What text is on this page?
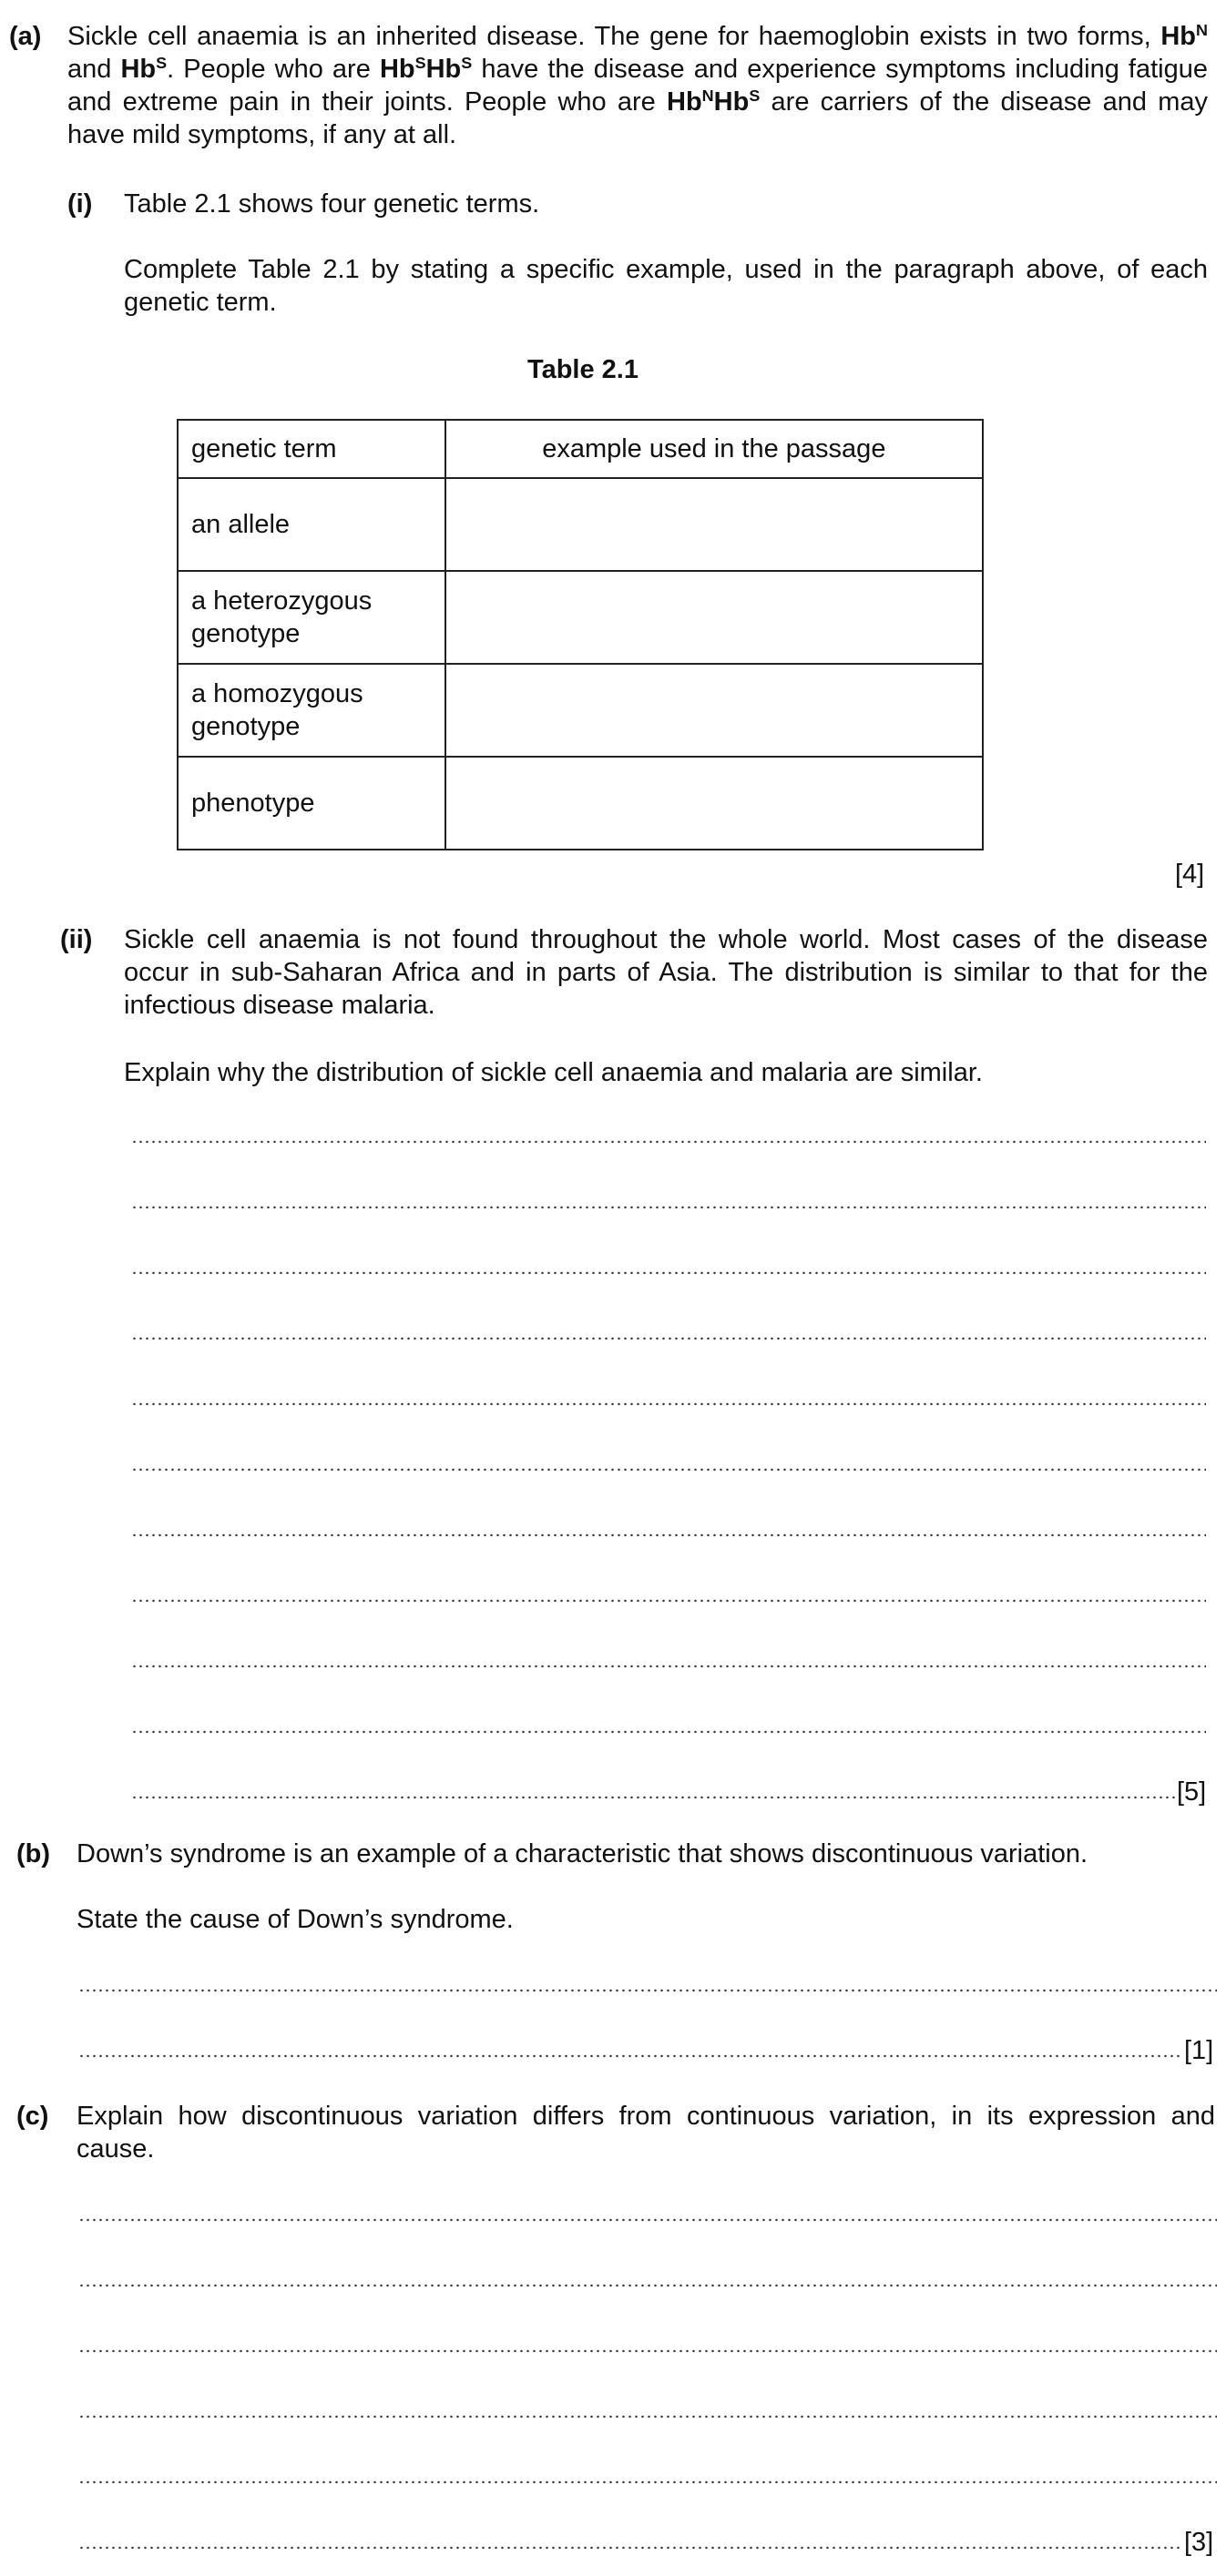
(a) Sickle cell anaemia is an inherited disease. The gene for haemoglobin exists in two forms, $Hb^N$ and $Hb^S$. People who are $Hb^SHb^S$ have the disease and experience symptoms including fatigue and extreme pain in their joints. People who are $Hb^NHb^S$ are carriers of the disease and may have mild symptoms, if any at all.
(i) Table 2.1 shows four genetic terms.
Complete Table 2.1 by stating a specific example, used in the paragraph above, of each genetic term.
Table 2.1
genetic term	example used in the passage
an allele	
a heterozygous genotype	
a homozygous genotype	
phenotype	
[4]
(ii) Sickle cell anaemia is not found throughout the whole world. Most cases of the disease occur in sub-Saharan Africa and in parts of Asia. The distribution is similar to that for the infectious disease malaria.
Explain why the distribution of sickle cell anaemia and malaria are similar.
[5]
(b) Down’s syndrome is an example of a characteristic that shows discontinuous variation.
State the cause of Down’s syndrome.
[1]
(c) Explain how discontinuous variation differs from continuous variation, in its expression and cause.
[3]
